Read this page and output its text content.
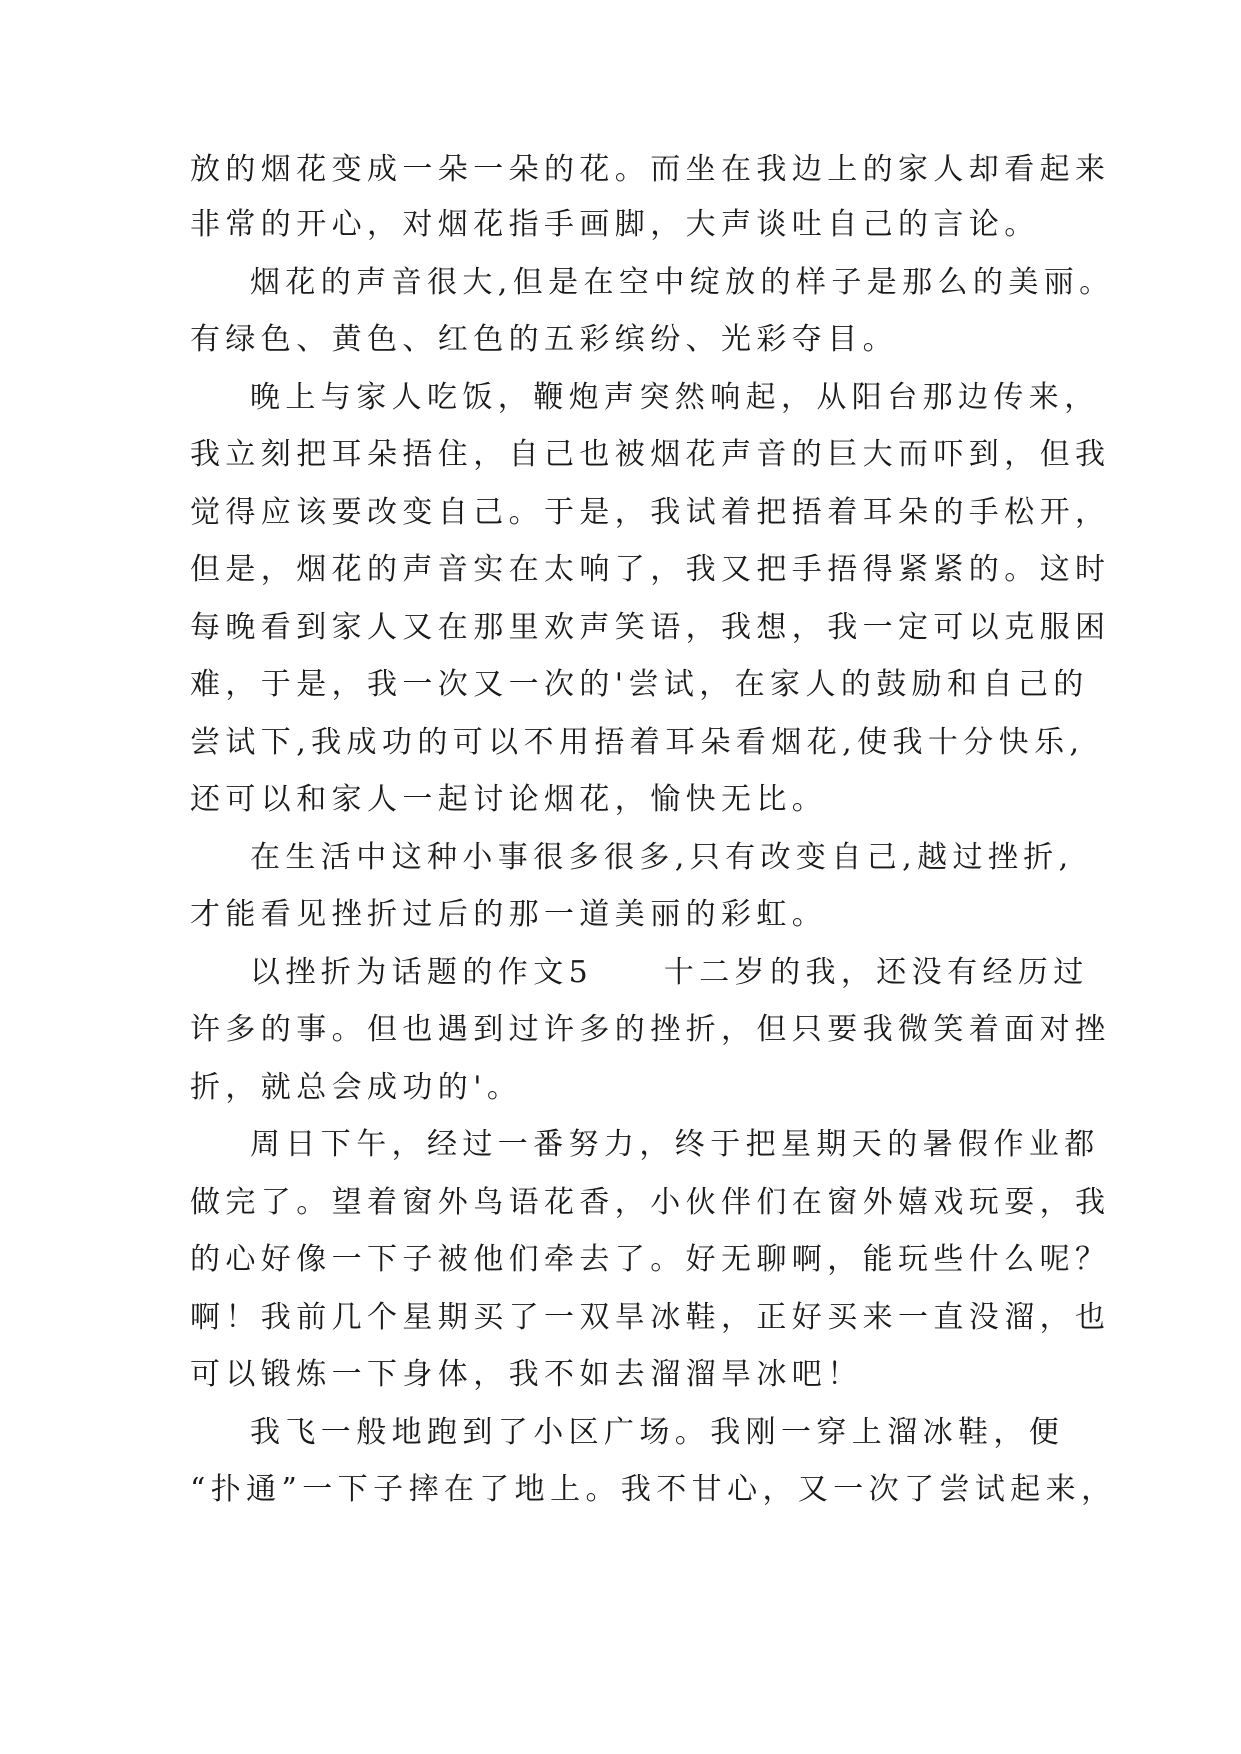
放的烟花变成一朵一朵的花。而坐在我边上的家人却看起来
非常的开心，对烟花指手画脚，大声谈吐自己的言论。
烟花的声音很大,但是在空中绽放的样子是那么的美丽。
有绿色、黄色、红色的五彩缤纷、光彩夺目。
晚上与家人吃饭，鞭炮声突然响起，从阳台那边传来，
我立刻把耳朵捂住，自己也被烟花声音的巨大而吓到，但我
觉得应该要改变自己。于是，我试着把捂着耳朵的手松开，
但是，烟花的声音实在太响了，我又把手捂得紧紧的。这时
每晚看到家人又在那里欢声笑语，我想，我一定可以克服困
难，于是，我一次又一次的'尝试，在家人的鼓励和自己的
尝试下,我成功的可以不用捂着耳朵看烟花,使我十分快乐,
还可以和家人一起讨论烟花，愉快无比。
在生活中这种小事很多很多,只有改变自己,越过挫折,
才能看见挫折过后的那一道美丽的彩虹。
以挫折为话题的作文5　　十二岁的我，还没有经历过
许多的事。但也遇到过许多的挫折，但只要我微笑着面对挫
折，就总会成功的'。
周日下午，经过一番努力，终于把星期天的暑假作业都
做完了。望着窗外鸟语花香，小伙伴们在窗外嬉戏玩耍，我
的心好像一下子被他们牵去了。好无聊啊，能玩些什么呢？
啊！我前几个星期买了一双旱冰鞋，正好买来一直没溜，也
可以锻炼一下身体，我不如去溜溜旱冰吧！
我飞一般地跑到了小区广场。我刚一穿上溜冰鞋，便
“扑通”一下子摔在了地上。我不甘心，又一次了尝试起来，
